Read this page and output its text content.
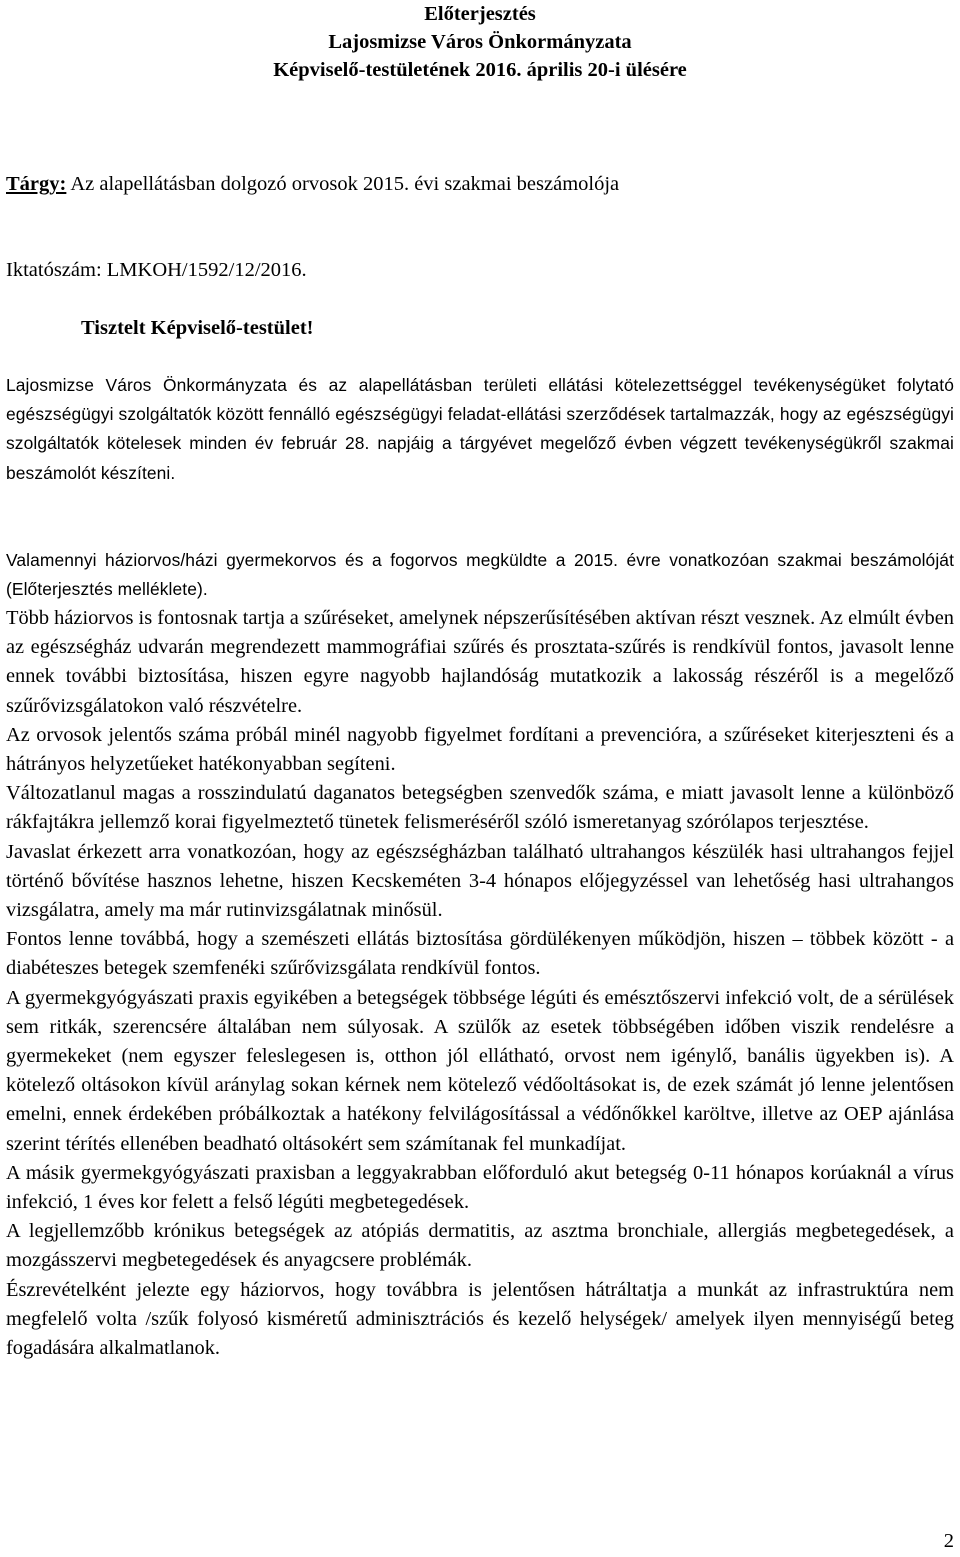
Előterjesztés
Lajosmizse Város Önkormányzata
Képviselő-testületének 2016. április 20-i ülésére
Tárgy: Az alapellátásban dolgozó orvosok 2015. évi szakmai beszámolója
Iktatószám: LMKOH/1592/12/2016.
Tisztelt Képviselő-testület!

Lajosmizse Város Önkormányzata és az alapellátásban területi ellátási kötelezettséggel tevékenységüket folytató egészségügyi szolgáltatók között fennálló egészségügyi feladat-ellátási szerződések tartalmazzák, hogy az egészségügyi szolgáltatók kötelesek minden év február 28. napjáig a tárgyévet megelőző évben végzett tevékenységükről szakmai beszámolót készíteni.

Valamennyi háziorvos/házi gyermekorvos és a fogorvos megküldte a 2015. évre vonatkozóan szakmai beszámolóját (Előterjesztés melléklete).

Több háziorvos is fontosnak tartja a szűréseket, amelynek népszerűsítésében aktívan részt vesznek. Az elmúlt évben az egészségház udvarán megrendezett mammográfiai szűrés és prosztata-szűrés is rendkívül fontos, javasolt lenne ennek további biztosítása, hiszen egyre nagyobb hajlandóság mutatkozik a lakosság részéről is a megelőző szűrővizsgálatokon való részvételre.

Az orvosok jelentős száma próbál minél nagyobb figyelmet fordítani a prevencióra, a szűréseket kiterjeszteni és a hátrányos helyzetűeket hatékonyabban segíteni.

Változatlanul magas a rosszindulatú daganatos betegségben szenvedők száma, e miatt javasolt lenne a különböző rákfajtákra jellemző korai figyelmeztető tünetek felismeréséről szóló ismeretanyag szórólapos terjesztése.

Javaslat érkezett arra vonatkozóan, hogy az egészségházban található ultrahangos készülék hasi ultrahangos fejjel történő bővítése hasznos lehetne, hiszen Kecskeméten 3-4 hónapos előjegyzéssel van lehetőség hasi ultrahangos vizsgálatra, amely ma már rutinvizsgálatnak minősül.

Fontos lenne továbbá, hogy a szemészeti ellátás biztosítása gördülékenyen működjön, hiszen – többek között - a diabéteszes betegek szemfenéki szűrővizsgálata rendkívül fontos.

A gyermekgyógyászati praxis egyikében a betegségek többsége légúti és emésztőszervi infekció volt, de a sérülések sem ritkák, szerencsére általában nem súlyosak. A szülők az esetek többségében időben viszik rendelésre a gyermekeket (nem egyszer feleslegesen is, otthon jól ellátható, orvost nem igénylő, banális ügyekben is). A kötelező oltásokon kívül aránylag sokan kérnek nem kötelező védőoltásokat is, de ezek számát jó lenne jelentősen emelni, ennek érdekében próbálkoztak a hatékony felvilágosítással a védőnőkkel karöltve, illetve az OEP ajánlása szerint térítés ellenében beadható oltásokért sem számítanak fel munkadíjat.

A másik gyermekgyógyászati praxisban a leggyakrabban előforduló akut betegség 0-11 hónapos korúaknál a vírus infekció, 1 éves kor felett a felső légúti megbetegedések.

A legjellemzőbb krónikus betegségek az atópiás dermatitis, az asztma bronchiale, allergiás megbetegedések, a mozgásszervi megbetegedések és anyagcsere problémák.

Észrevételként jelezte egy háziorvos, hogy továbbra is jelentősen hátráltatja a munkát az infrastruktúra nem megfelelő volta /szűk folyosó kisméretű adminisztrációs és kezelő helységek/ amelyek ilyen mennyiségű beteg fogadására alkalmatlanok.

2
